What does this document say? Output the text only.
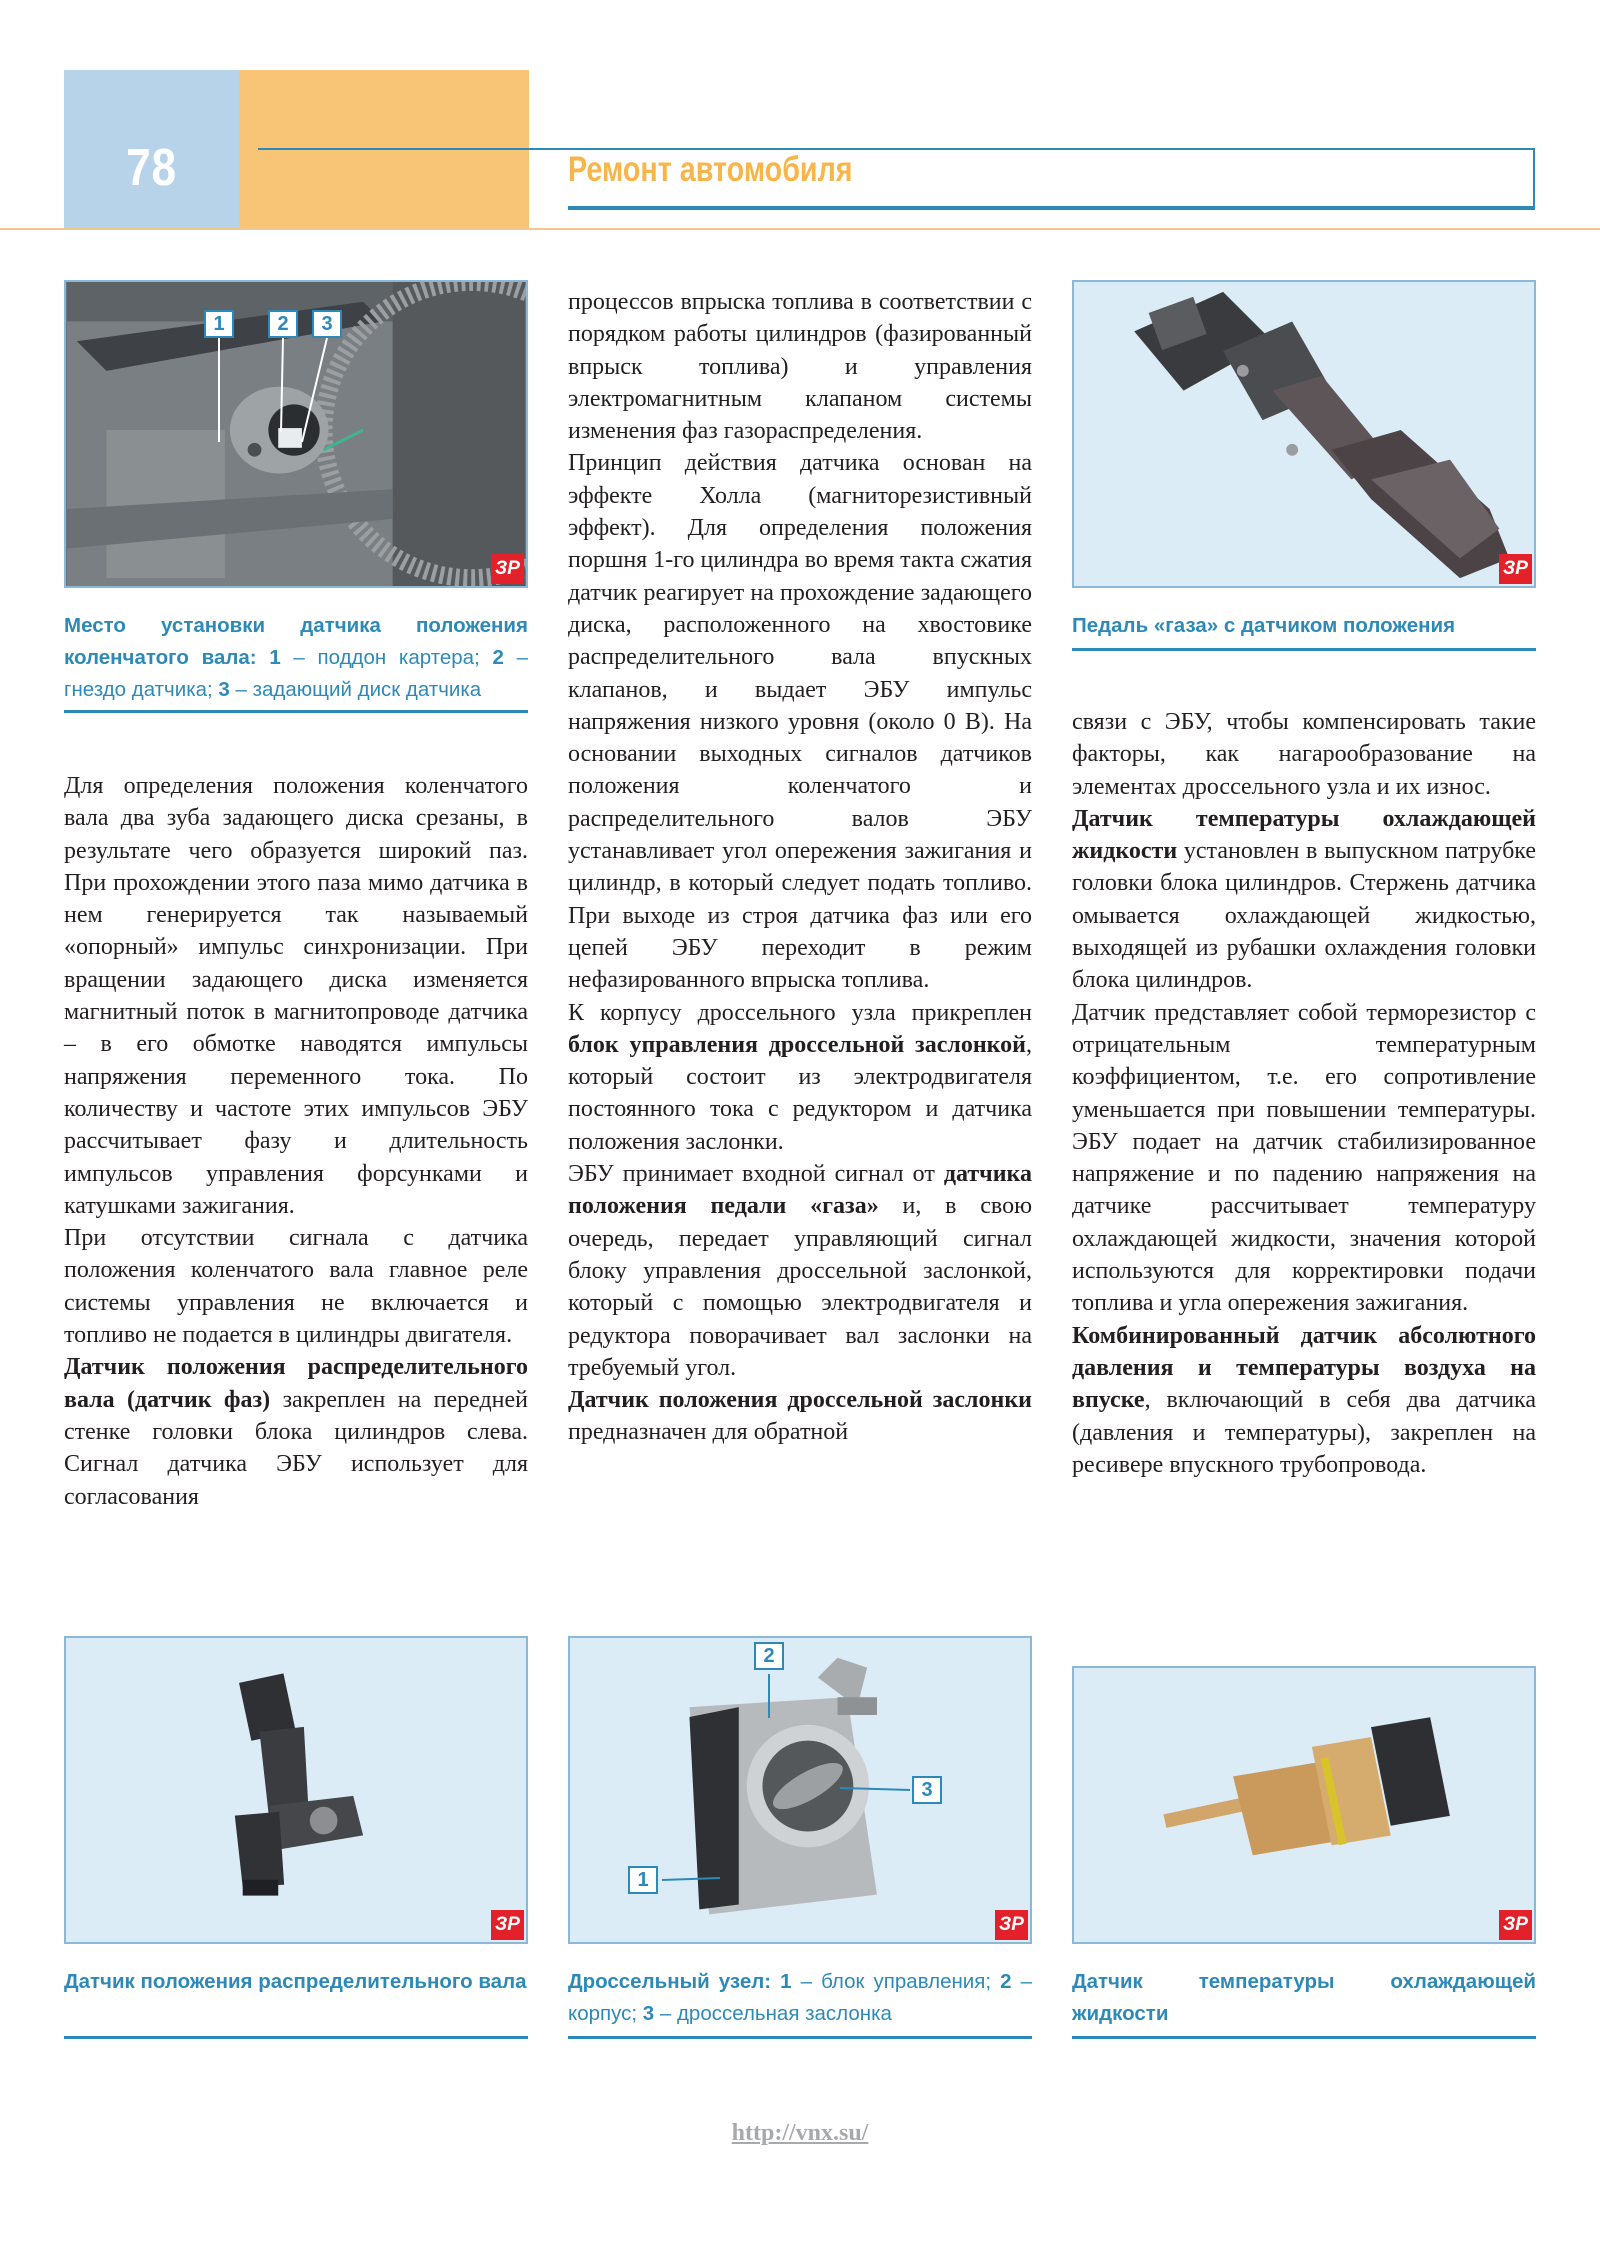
78	Ремонт автомобиля
1	2	3
ЗР
Место установки датчика положения коленчатого вала: 1 – поддон картера; 2 – гнездо датчика; 3 – задающий диск датчика
ЗР
Педаль «газа» с датчиком положения

Для определения положения коленчатого вала два зуба задающего диска срезаны, в результате чего образуется широкий паз. При прохождении этого паза мимо датчика в нем генерируется так называемый «опорный» импульс синхронизации. При вращении задающего диска изменяется магнитный поток в магнитопроводе датчика – в его обмотке наводятся импульсы напряжения переменного тока. По количеству и частоте этих импульсов ЭБУ рассчитывает фазу и длительность импульсов управления форсунками и катушками зажигания.

При отсутствии сигнала с датчика положения коленчатого вала главное реле системы управления не включается и топливо не подается в цилиндры двигателя.

Датчик положения распределительного вала (датчик фаз) закреплен на передней стенке головки блока цилиндров слева. Сигнал датчика ЭБУ использует для согласования

процессов впрыска топлива в соответствии с порядком работы цилиндров (фазированный впрыск топлива) и управления электромагнитным клапаном системы изменения фаз газораспределения.

Принцип действия датчика основан на эффекте Холла (магниторезистивный эффект). Для определения положения поршня 1-го цилиндра во время такта сжатия датчик реагирует на прохождение задающего диска, расположенного на хвостовике распределительного вала впускных клапанов, и выдает ЭБУ импульс напряжения низкого уровня (около 0 В). На основании выходных сигналов датчиков положения коленчатого и распределительного валов ЭБУ устанавливает угол опережения зажигания и цилиндр, в который следует подать топливо. При выходе из строя датчика фаз или его цепей ЭБУ переходит в режим нефазированного впрыска топлива.

К корпусу дроссельного узла прикреплен блок управления дроссельной заслонкой, который состоит из электродвигателя постоянного тока с редуктором и датчика положения заслонки.

ЭБУ принимает входной сигнал от датчика положения педали «газа» и, в свою очередь, передает управляющий сигнал блоку управления дроссельной заслонкой, который с помощью электродвигателя и редуктора поворачивает вал заслонки на требуемый угол.

Датчик положения дроссельной заслонки предназначен для обратной

связи с ЭБУ, чтобы компенсировать такие факторы, как нагарообразование на элементах дроссельного узла и их износ.

Датчик температуры охлаждающей жидкости установлен в выпускном патрубке головки блока цилиндров. Стержень датчика омывается охлаждающей жидкостью, выходящей из рубашки охлаждения головки блока цилиндров.

Датчик представляет собой терморезистор с отрицательным температурным коэффициентом, т.е. его сопротивление уменьшается при повышении температуры. ЭБУ подает на датчик стабилизированное напряжение и по падению напряжения на датчике рассчитывает температуру охлаждающей жидкости, значения которой используются для корректировки подачи топлива и угла опережения зажигания.

Комбинированный датчик абсолютного давления и температуры воздуха на впуске, включающий в себя два датчика (давления и температуры), закреплен на ресивере впускного трубопровода.

ЗР
Датчик положения распределительного вала
1
2
3
ЗР
Дроссельный узел: 1 – блок управления; 2 – корпус; 3 – дроссельная заслонка
ЗР
Датчик температуры охлаждающей жидкости
http://vnx.su/
